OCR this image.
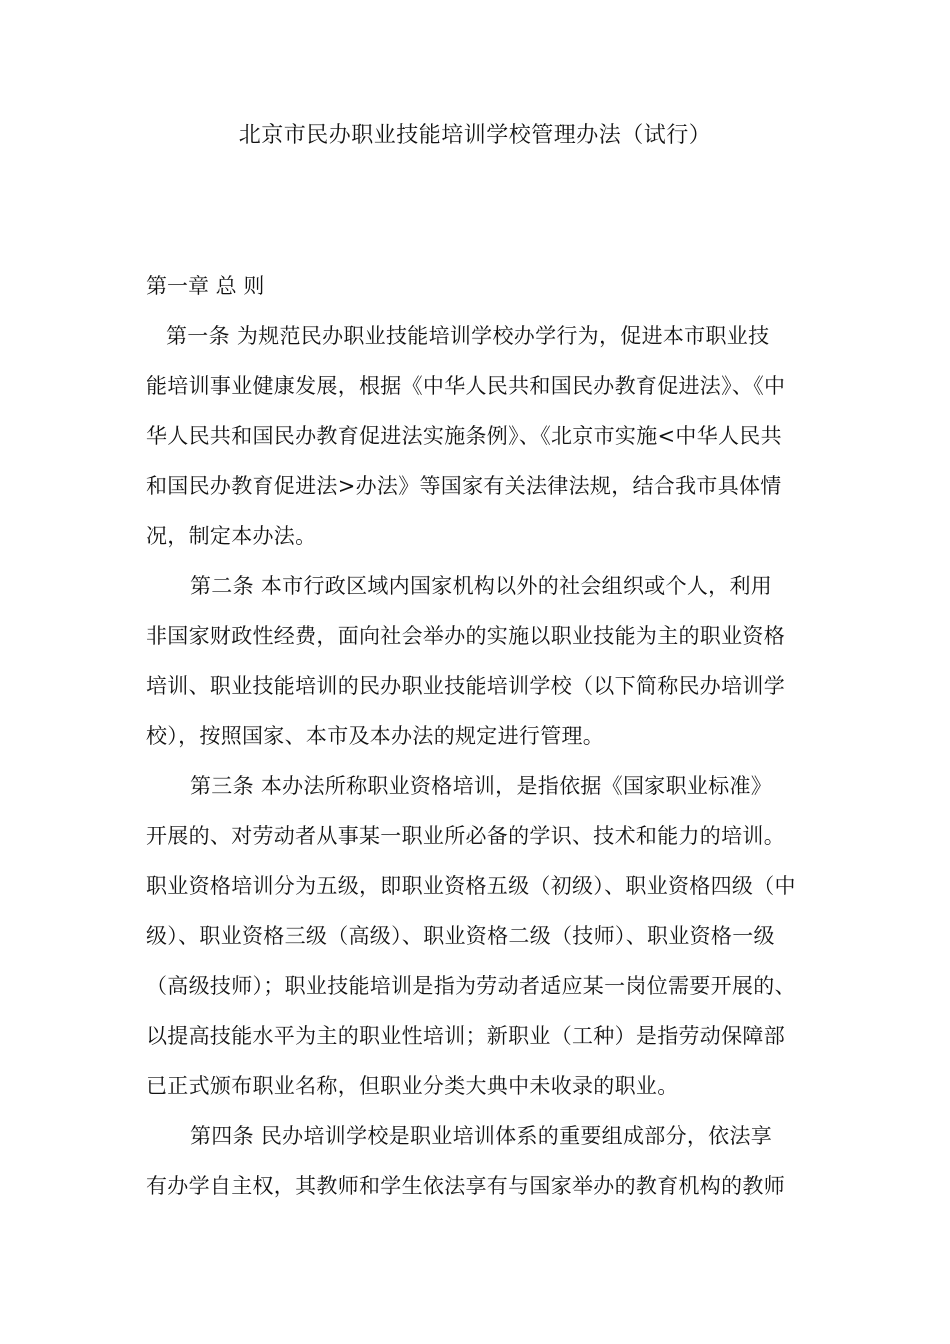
北京市民办职业技能培训学校管理办法（试行）
第一章 总 则
第一条 为规范民办职业技能培训学校办学行为，促进本市职业技
能培训事业健康发展，根据《中华人民共和国民办教育促进法》、《中
华人民共和国民办教育促进法实施条例》、《北京市实施<中华人民共
和国民办教育促进法>办法》等国家有关法律法规，结合我市具体情
况，制定本办法。
第二条 本市行政区域内国家机构以外的社会组织或个人，利用
非国家财政性经费，面向社会举办的实施以职业技能为主的职业资格
培训、职业技能培训的民办职业技能培训学校（以下简称民办培训学
校），按照国家、本市及本办法的规定进行管理。
第三条 本办法所称职业资格培训，是指依据《国家职业标准》
开展的、对劳动者从事某一职业所必备的学识、技术和能力的培训。
职业资格培训分为五级，即职业资格五级（初级）、职业资格四级（中
级）、职业资格三级（高级）、职业资格二级（技师）、职业资格一级
（高级技师）；职业技能培训是指为劳动者适应某一岗位需要开展的、
以提高技能水平为主的职业性培训；新职业（工种）是指劳动保障部
已正式颁布职业名称，但职业分类大典中未收录的职业。
第四条 民办培训学校是职业培训体系的重要组成部分，依法享
有办学自主权，其教师和学生依法享有与国家举办的教育机构的教师
